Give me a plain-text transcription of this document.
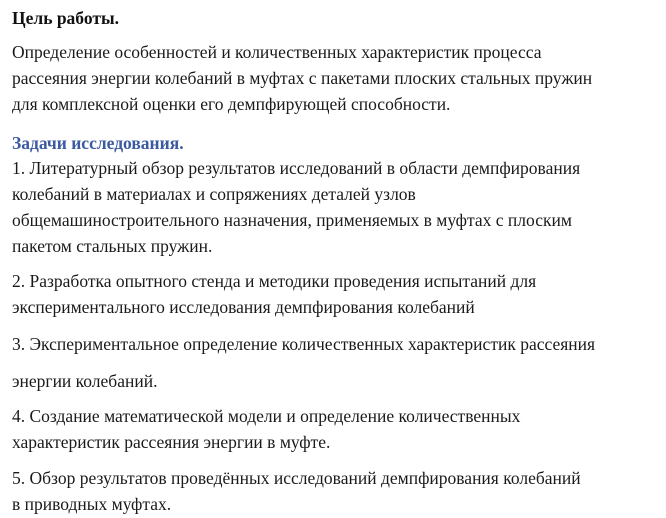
Цель работы.
Определение особенностей и количественных характеристик процесса
рассеяния энергии колебаний в муфтах с пакетами плоских стальных пружин
для комплексной оценки его демпфирующей способности.
Задачи исследования.
1. Литературный обзор результатов исследований в области демпфирования
колебаний в материалах и сопряжениях деталей узлов
общемашиностроительного назначения, применяемых в муфтах с плоским
пакетом стальных пружин.
2. Разработка опытного стенда и методики проведения испытаний для
экспериментального исследования демпфирования колебаний
3. Экспериментальное определение количественных характеристик рассеяния
энергии колебаний.
4. Создание математической модели и определение количественных
характеристик рассеяния энергии в муфте.
5. Обзор результатов проведённых исследований демпфирования колебаний
в приводных муфтах.
